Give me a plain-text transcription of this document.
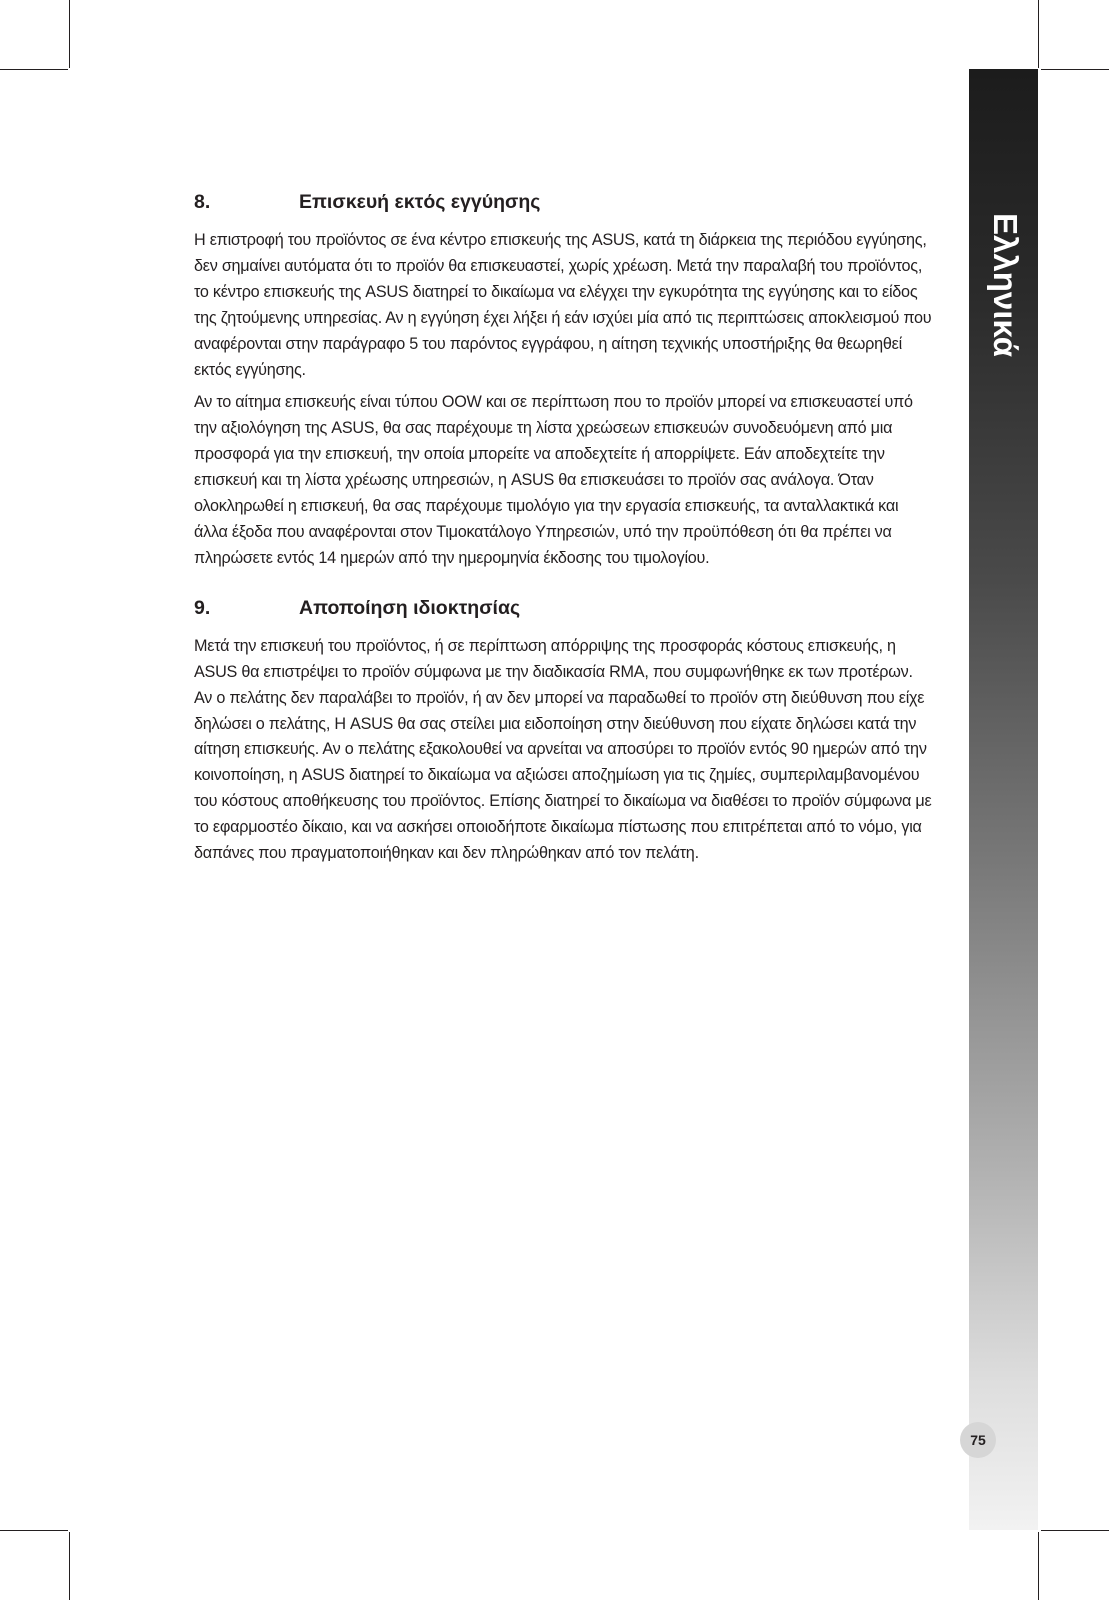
Ελληνικά
75
8.	Επισκευή εκτός εγγύησης

Η επιστροφή του προϊόντος σε ένα κέντρο επισκευής της ASUS, κατά τη διάρκεια της περιόδου εγγύησης, δεν σημαίνει αυτόματα ότι το προϊόν θα επισκευαστεί, χωρίς χρέωση. Μετά την παραλαβή του προϊόντος, το κέντρο επισκευής της ASUS διατηρεί το δικαίωμα να ελέγχει την εγκυρότητα της εγγύησης και το είδος της ζητούμενης υπηρεσίας. Αν η εγγύηση έχει λήξει ή εάν ισχύει μία από τις περιπτώσεις αποκλεισμού που αναφέρονται στην παράγραφο 5 του παρόντος εγγράφου, η αίτηση τεχνικής υποστήριξης θα θεωρηθεί εκτός εγγύησης.

Αν το αίτημα επισκευής είναι τύπου OOW και σε περίπτωση που το προϊόν μπορεί να επισκευαστεί υπό την αξιολόγηση της ASUS, θα σας παρέχουμε τη λίστα χρεώσεων επισκευών συνοδευόμενη από μια προσφορά για την επισκευή, την οποία μπορείτε να αποδεχτείτε ή απορρίψετε. Εάν αποδεχτείτε την επισκευή και τη λίστα χρέωσης υπηρεσιών, η ASUS θα επισκευάσει το προϊόν σας ανάλογα. Όταν ολοκληρωθεί η επισκευή, θα σας παρέχουμε τιμολόγιο για την εργασία επισκευής, τα ανταλλακτικά και άλλα έξοδα που αναφέρονται στον Τιμοκατάλογο Υπηρεσιών, υπό την προϋπόθεση ότι θα πρέπει να πληρώσετε εντός 14 ημερών από την ημερομηνία έκδοσης του τιμολογίου.

9.	Αποποίηση ιδιοκτησίας

Μετά την επισκευή του προϊόντος, ή σε περίπτωση απόρριψης της προσφοράς κόστους επισκευής, η ASUS θα επιστρέψει το προϊόν σύμφωνα με την διαδικασία RMA, που συμφωνήθηκε εκ των προτέρων. Αν ο πελάτης δεν παραλάβει το προϊόν, ή αν δεν μπορεί να παραδωθεί το προϊόν στη διεύθυνση που είχε δηλώσει ο πελάτης, Η ASUS θα σας στείλει μια ειδοποίηση στην διεύθυνση που είχατε δηλώσει κατά την αίτηση επισκευής. Αν ο πελάτης εξακολουθεί να αρνείται να αποσύρει το προϊόν εντός 90 ημερών από την κοινοποίηση, η ASUS διατηρεί το δικαίωμα να αξιώσει αποζημίωση για τις ζημίες, συμπεριλαμβανομένου του κόστους αποθήκευσης του προϊόντος. Επίσης διατηρεί το δικαίωμα να διαθέσει το προϊόν σύμφωνα με το εφαρμοστέο δίκαιο, και να ασκήσει οποιοδήποτε δικαίωμα πίστωσης που επιτρέπεται από το νόμο, για δαπάνες που πραγματοποιήθηκαν και δεν πληρώθηκαν από τον πελάτη.
